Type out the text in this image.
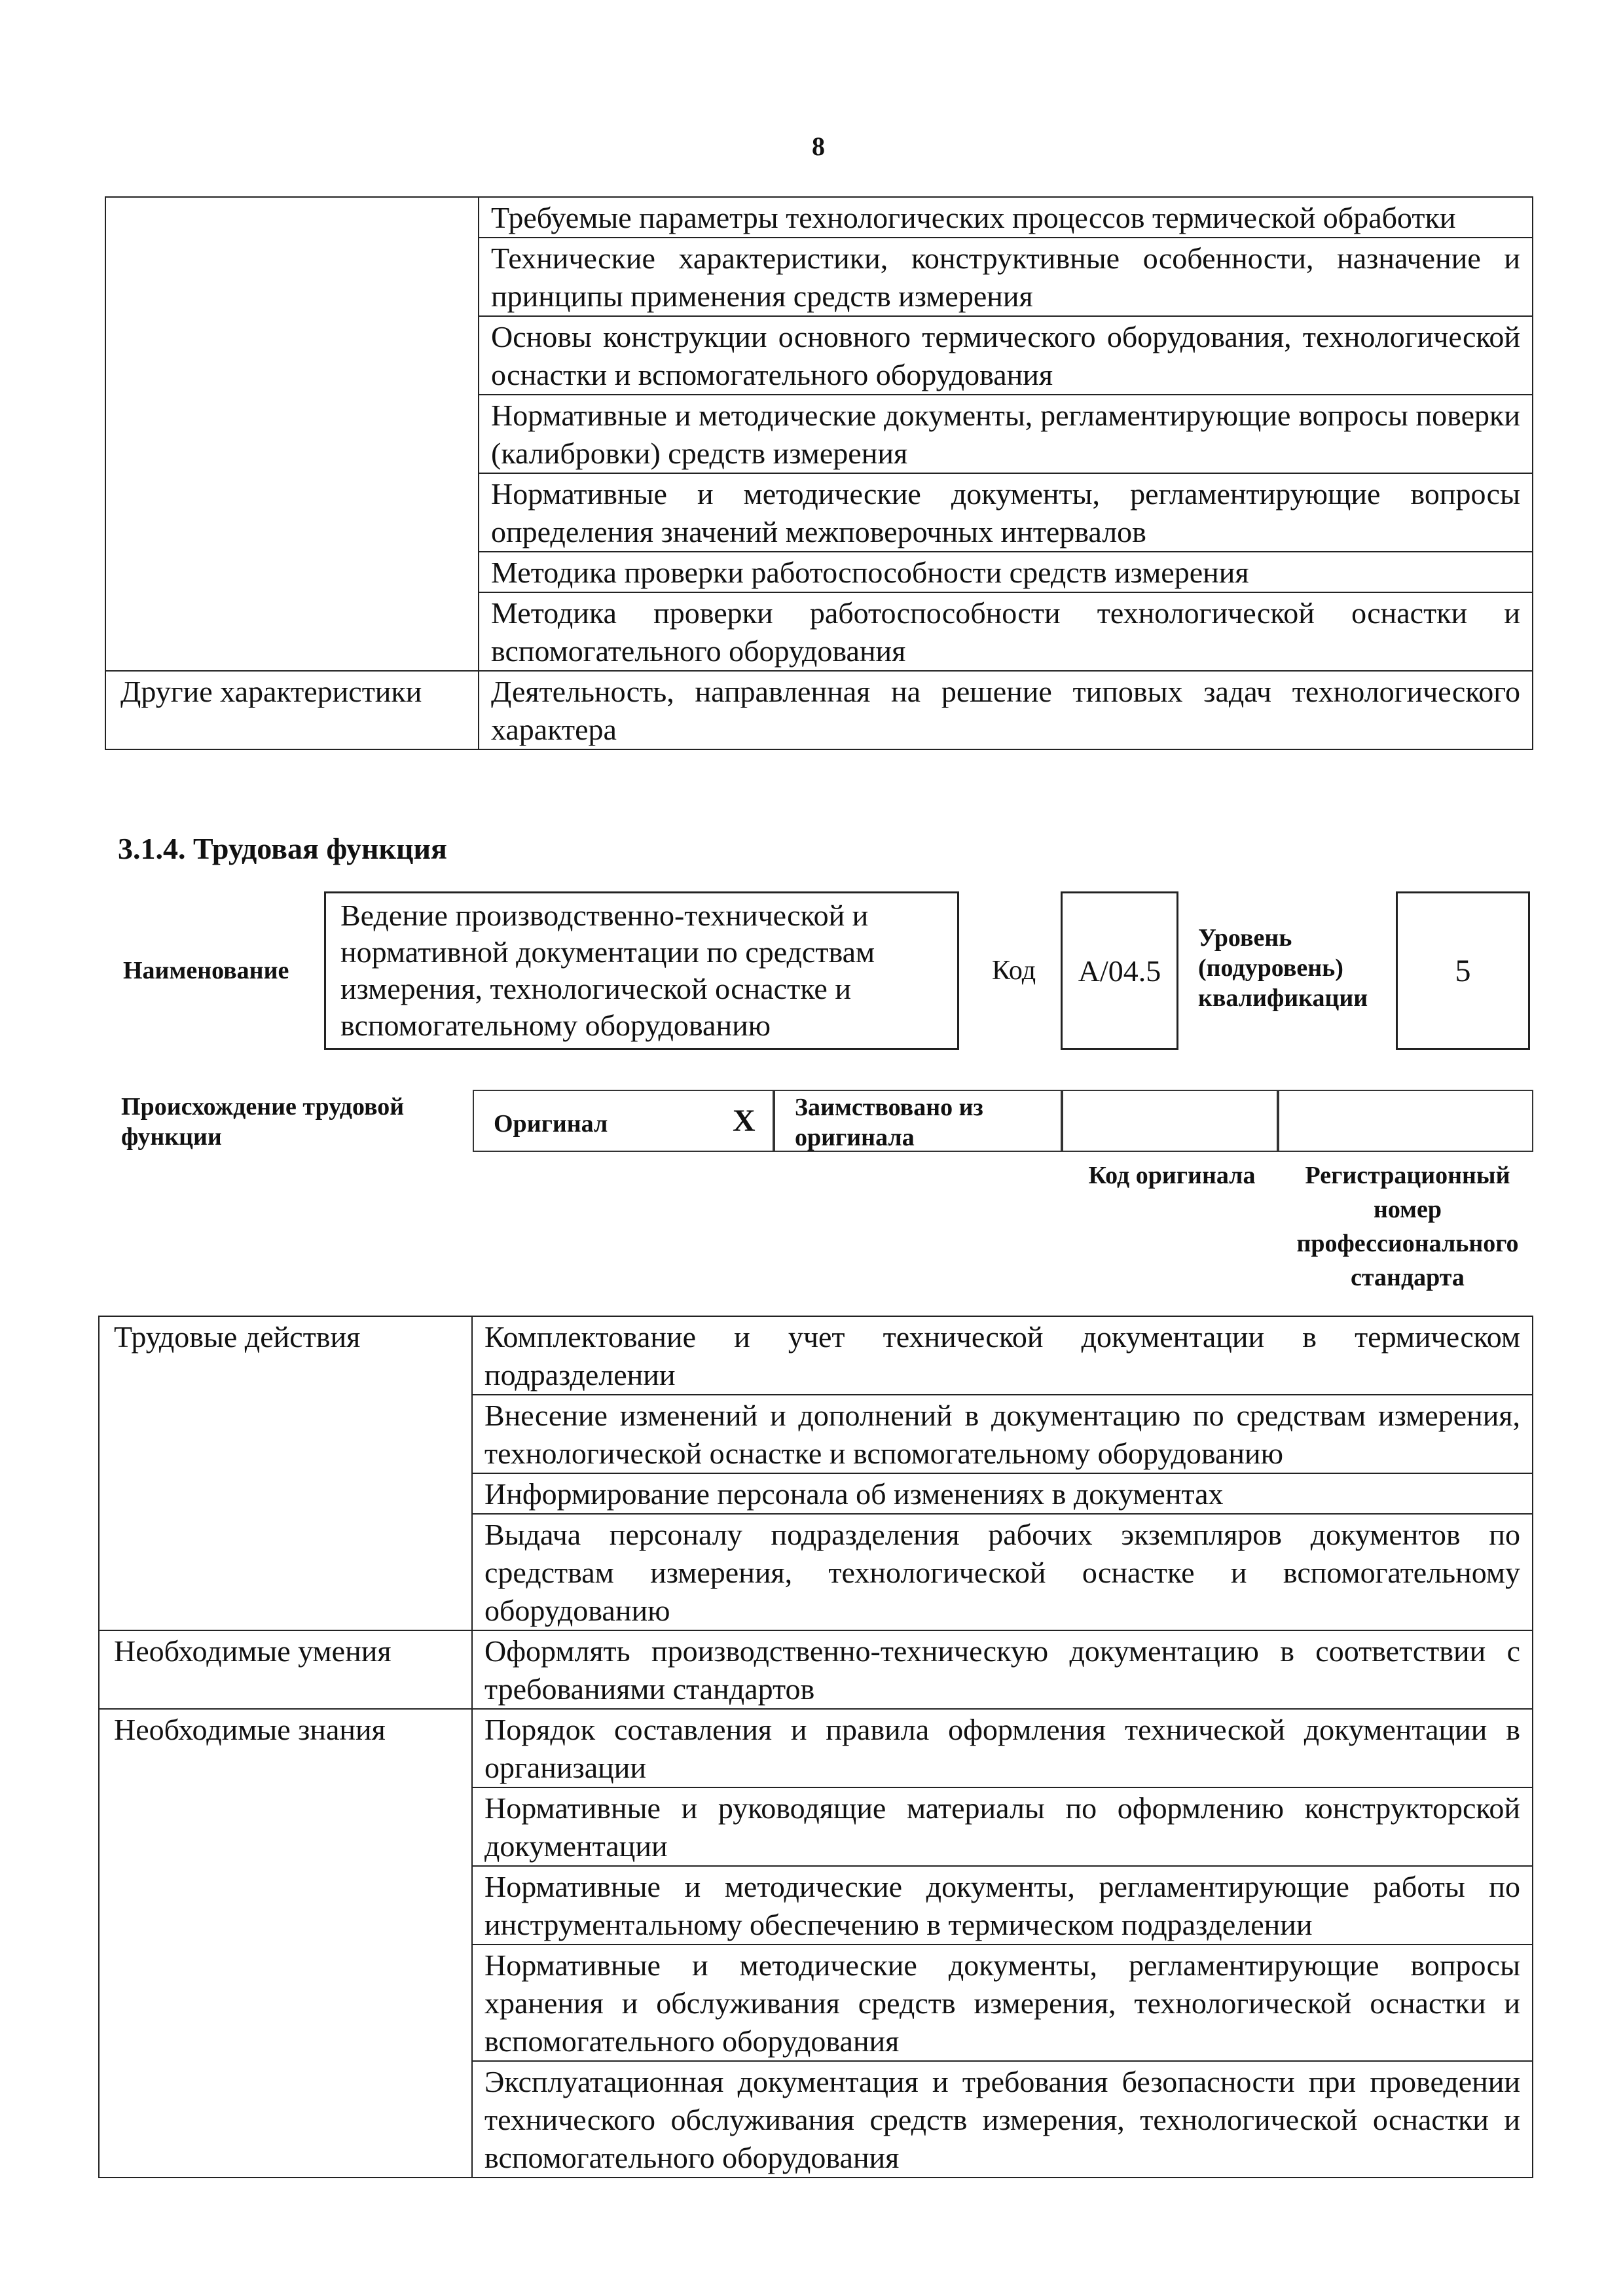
8
	Требуемые параметры технологических процессов термической обработки
	Технические характеристики, конструктивные особенности, назначение и принципы применения средств измерения
	Основы конструкции основного термического оборудования, технологической оснастки и вспомогательного оборудования
	Нормативные и методические документы, регламентирующие вопросы поверки (калибровки) средств измерения
	Нормативные и методические документы, регламентирующие вопросы определения значений межповерочных интервалов
	Методика проверки работоспособности средств измерения
	Методика проверки работоспособности технологической оснастки и вспомогательного оборудования
Другие характеристики	Деятельность, направленная на решение типовых задач технологического характера
3.1.4. Трудовая функция
Наименование
Ведение производственно-технической и нормативной документации по средствам измерения, технологической оснастке и вспомогательному оборудованию
Код A/04.5
Уровень (подуровень) квалификации
5
Происхождение трудовой функции	Оригинал	X Заимствовано из оригинала
Код оригинала	Регистрационный номер профессионального стандарта
Трудовые действия	Комплектование и учет технической документации в термическом подразделении
	Внесение изменений и дополнений в документацию по средствам измерения, технологической оснастке и вспомогательному оборудованию
	Информирование персонала об изменениях в документах
	Выдача персоналу подразделения рабочих экземпляров документов по средствам измерения, технологической оснастке и вспомогательному оборудованию
Необходимые умения	Оформлять производственно-техническую документацию в соответствии с требованиями стандартов
Необходимые знания	Порядок составления и правила оформления технической документации в организации
	Нормативные и руководящие материалы по оформлению конструкторской документации
	Нормативные и методические документы, регламентирующие работы по инструментальному обеспечению в термическом подразделении
	Нормативные и методические документы, регламентирующие вопросы хранения и обслуживания средств измерения, технологической оснастки и вспомогательного оборудования
	Эксплуатационная документация и требования безопасности при проведении технического обслуживания средств измерения, технологической оснастки и вспомогательного оборудования
